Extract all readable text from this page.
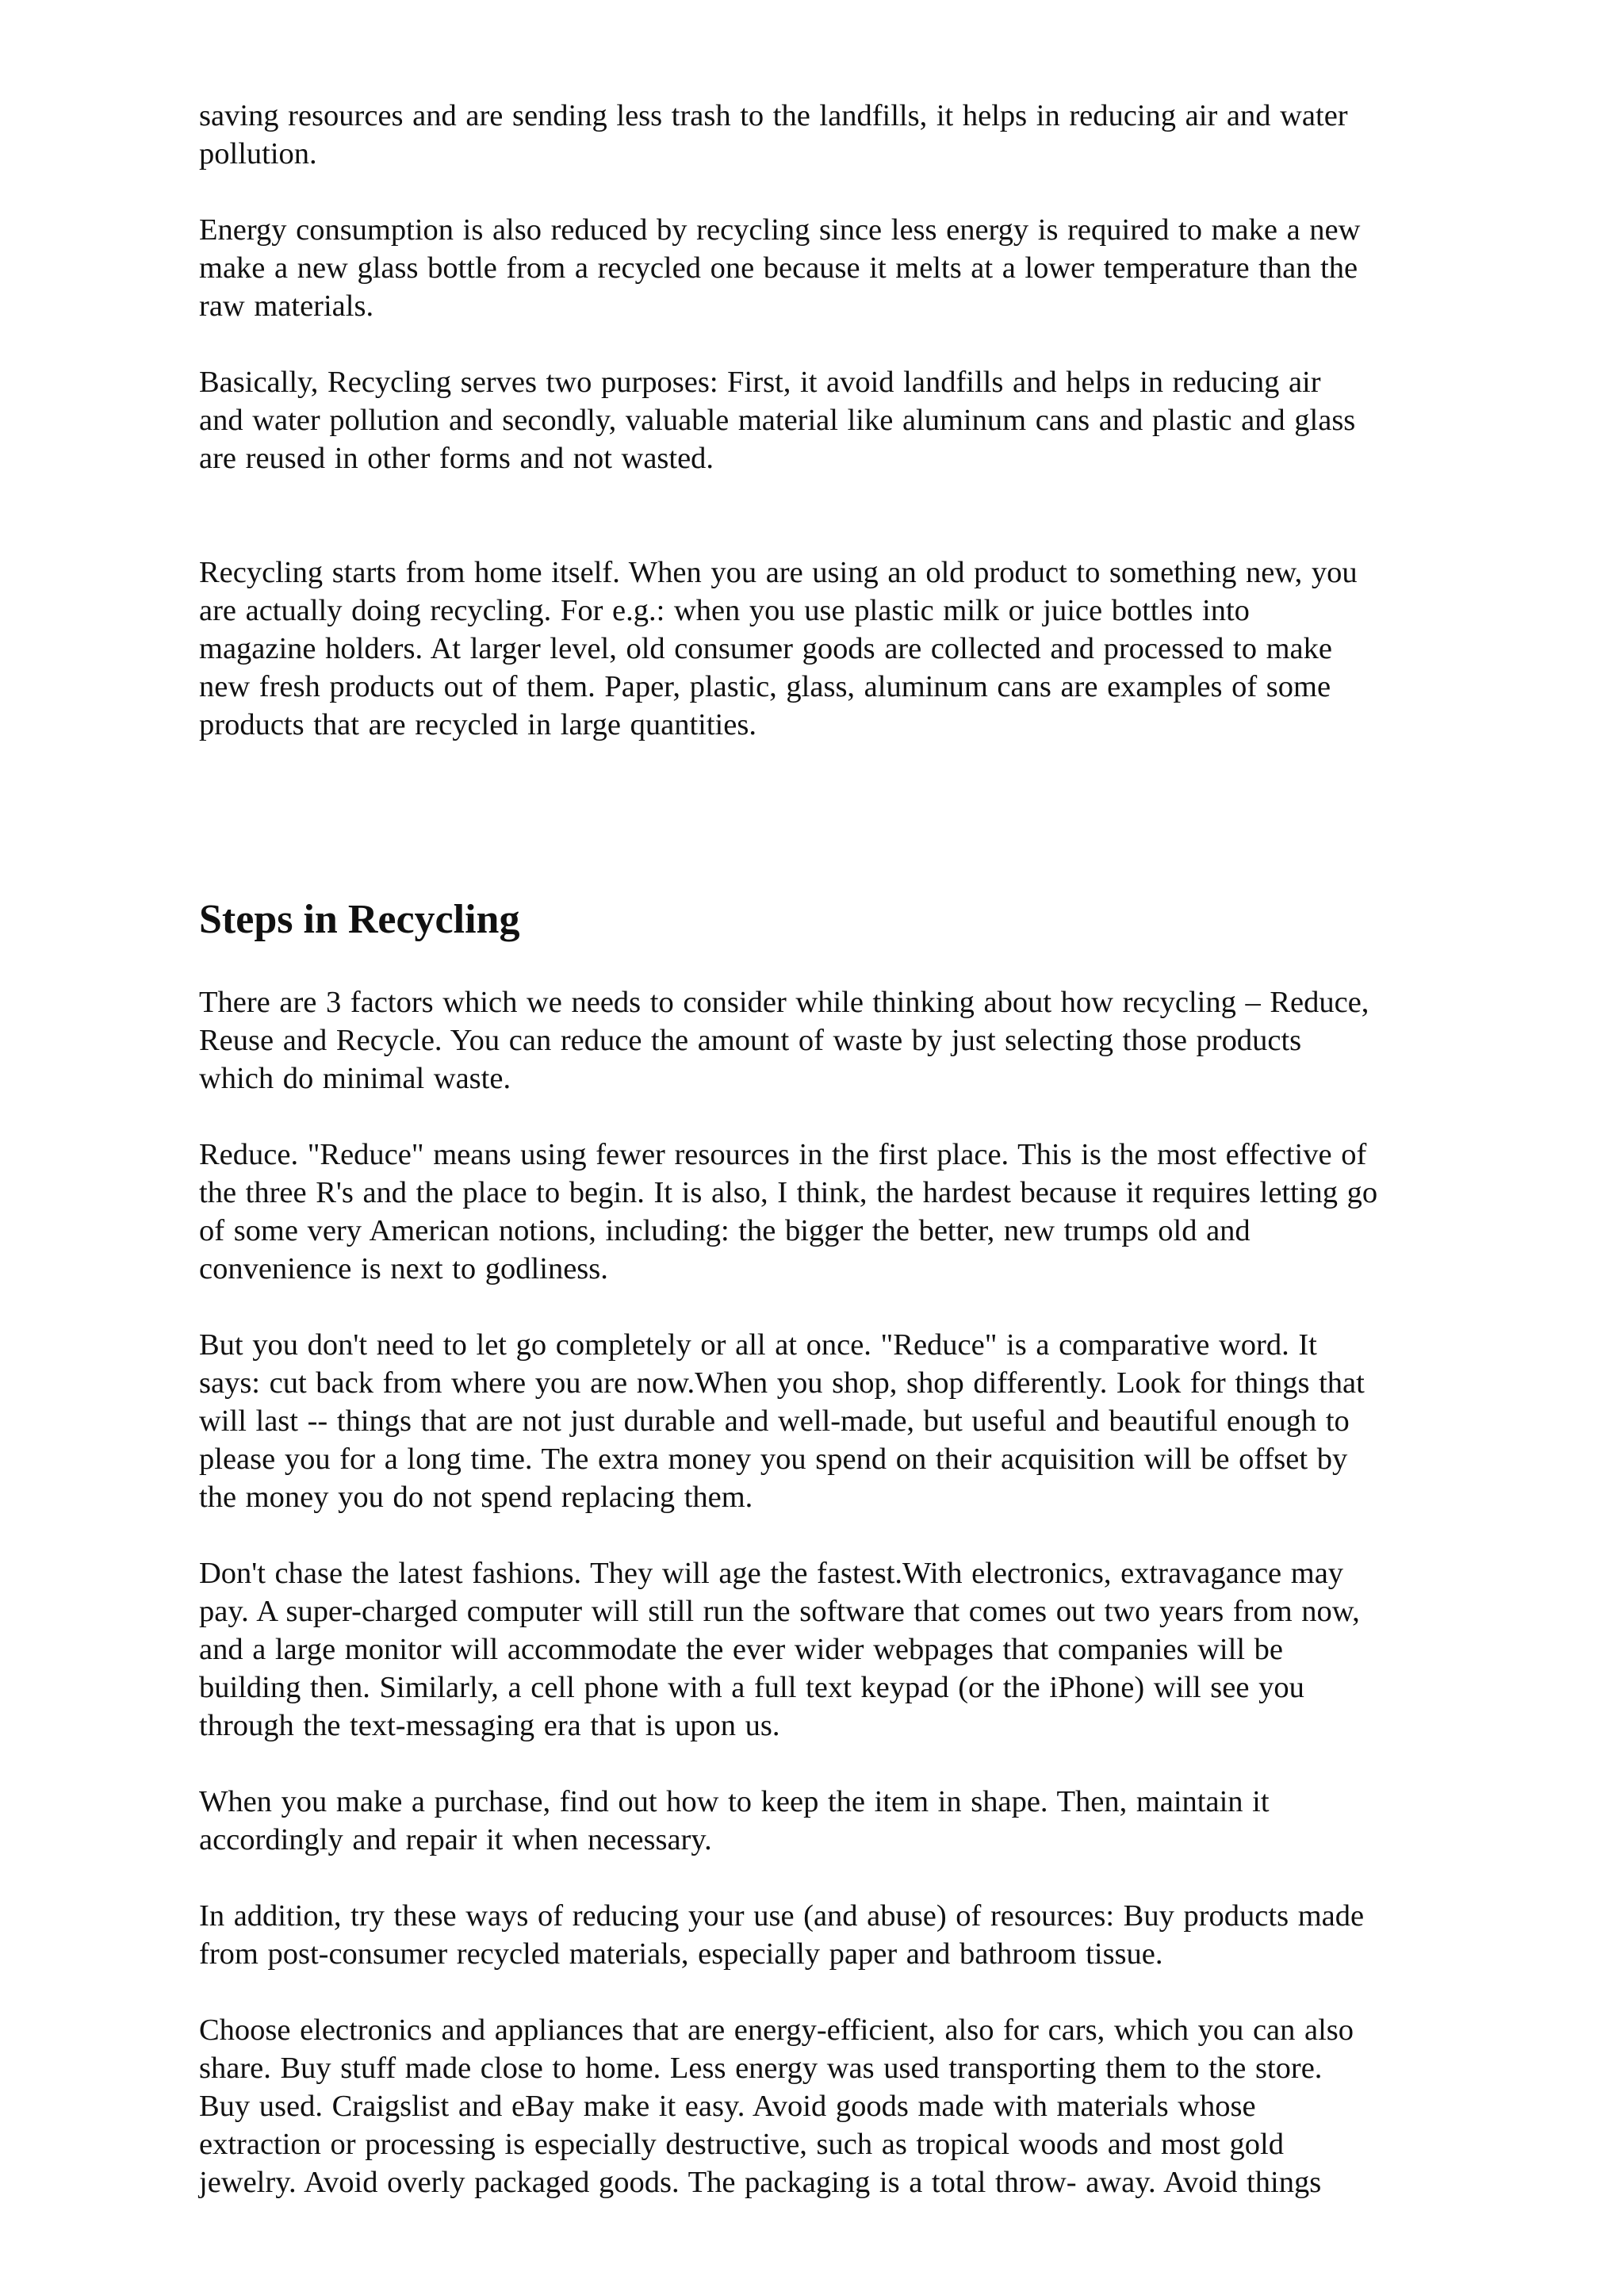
saving resources and are sending less trash to the landfills, it helps in reducing air and water
pollution.

Energy consumption is also reduced by recycling since less energy is required to make a new
make a new glass bottle from a recycled one because it melts at a lower temperature than the
raw materials.

Basically, Recycling serves two purposes: First, it avoid landfills and helps in reducing air
and water pollution and secondly, valuable material like aluminum cans and plastic and glass
are reused in other forms and not wasted.

Recycling starts from home itself. When you are using an old product to something new, you
are actually doing recycling. For e.g.: when you use plastic milk or juice bottles into
magazine holders. At larger level, old consumer goods are collected and processed to make
new fresh products out of them. Paper, plastic, glass, aluminum cans are examples of some
products that are recycled in large quantities.

Steps in Recycling

There are 3 factors which we needs to consider while thinking about how recycling – Reduce,
Reuse and Recycle. You can reduce the amount of waste by just selecting those products
which do minimal waste.

Reduce. "Reduce" means using fewer resources in the first place. This is the most effective of
the three R's and the place to begin. It is also, I think, the hardest because it requires letting go
of some very American notions, including: the bigger the better, new trumps old and
convenience is next to godliness.

But you don't need to let go completely or all at once. "Reduce" is a comparative word. It
says: cut back from where you are now.When you shop, shop differently. Look for things that
will last -- things that are not just durable and well-made, but useful and beautiful enough to
please you for a long time. The extra money you spend on their acquisition will be offset by
the money you do not spend replacing them.

Don't chase the latest fashions. They will age the fastest.With electronics, extravagance may
pay. A super-charged computer will still run the software that comes out two years from now,
and a large monitor will accommodate the ever wider webpages that companies will be
building then. Similarly, a cell phone with a full text keypad (or the iPhone) will see you
through the text-messaging era that is upon us.

When you make a purchase, find out how to keep the item in shape. Then, maintain it
accordingly and repair it when necessary.

In addition, try these ways of reducing your use (and abuse) of resources: Buy products made
from post-consumer recycled materials, especially paper and bathroom tissue.

Choose electronics and appliances that are energy-efficient, also for cars, which you can also
share. Buy stuff made close to home. Less energy was used transporting them to the store.
Buy used. Craigslist and eBay make it easy. Avoid goods made with materials whose
extraction or processing is especially destructive, such as tropical woods and most gold
jewelry. Avoid overly packaged goods. The packaging is a total throw- away. Avoid things
